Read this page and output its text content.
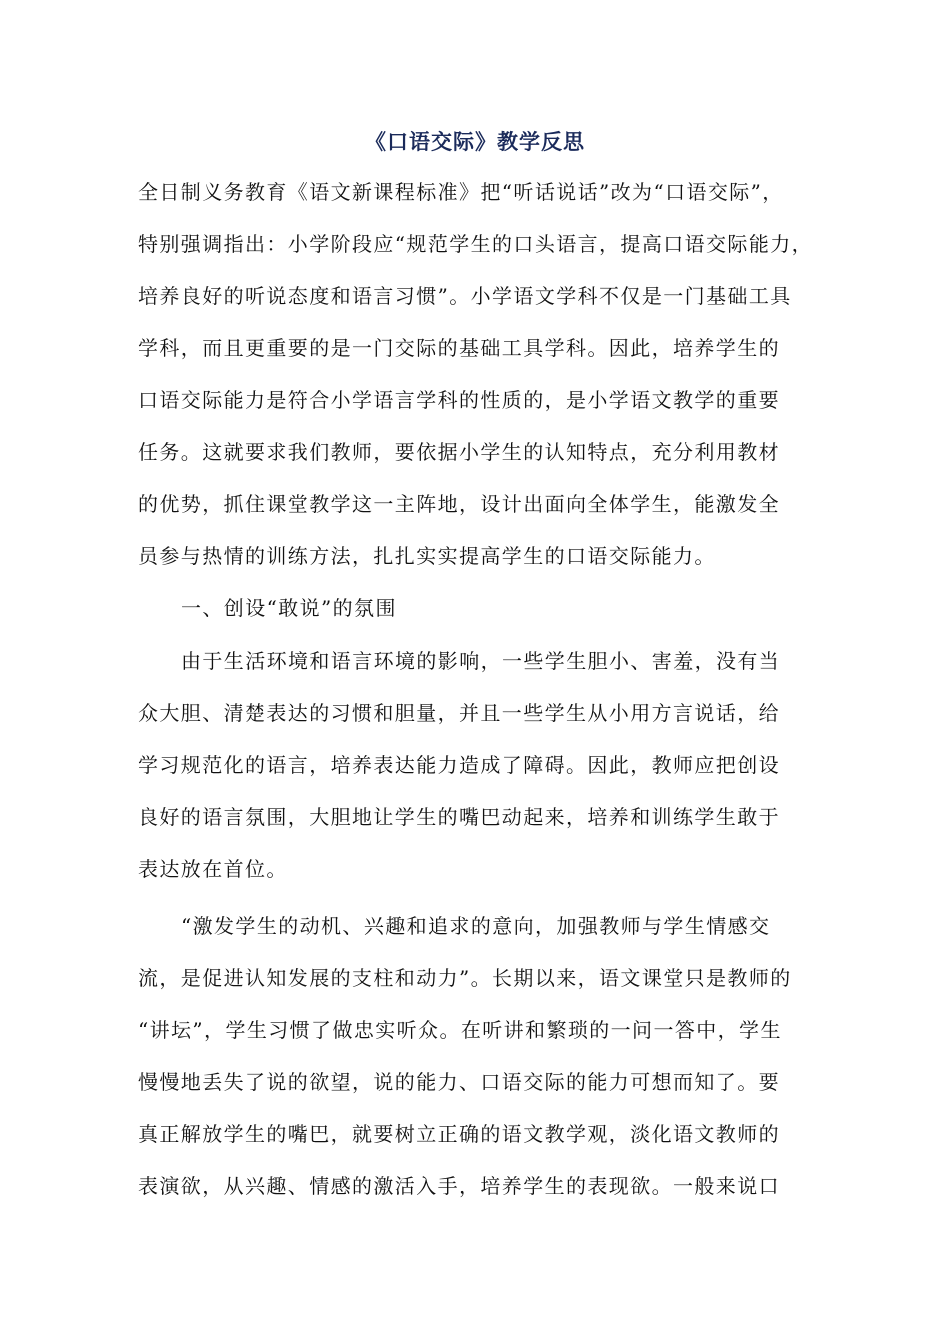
《口语交际》教学反思

全日制义务教育《语文新课程标准》把“听话说话”改为“口语交际”，

特别强调指出：小学阶段应“规范学生的口头语言，提高口语交际能力，

培养良好的听说态度和语言习惯”。小学语文学科不仅是一门基础工具

学科，而且更重要的是一门交际的基础工具学科。因此，培养学生的

口语交际能力是符合小学语言学科的性质的，是小学语文教学的重要

任务。这就要求我们教师，要依据小学生的认知特点，充分利用教材

的优势，抓住课堂教学这一主阵地，设计出面向全体学生，能激发全

员参与热情的训练方法，扎扎实实提高学生的口语交际能力。

一、创设“敢说”的氛围

由于生活环境和语言环境的影响，一些学生胆小、害羞，没有当

众大胆、清楚表达的习惯和胆量，并且一些学生从小用方言说话，给

学习规范化的语言，培养表达能力造成了障碍。因此，教师应把创设

良好的语言氛围，大胆地让学生的嘴巴动起来，培养和训练学生敢于

表达放在首位。

“激发学生的动机、兴趣和追求的意向，加强教师与学生情感交

流，是促进认知发展的支柱和动力”。长期以来，语文课堂只是教师的

“讲坛”，学生习惯了做忠实听众。在听讲和繁琐的一问一答中，学生

慢慢地丢失了说的欲望，说的能力、口语交际的能力可想而知了。要

真正解放学生的嘴巴，就要树立正确的语文教学观，淡化语文教师的

表演欲，从兴趣、情感的激活入手，培养学生的表现欲。一般来说口
